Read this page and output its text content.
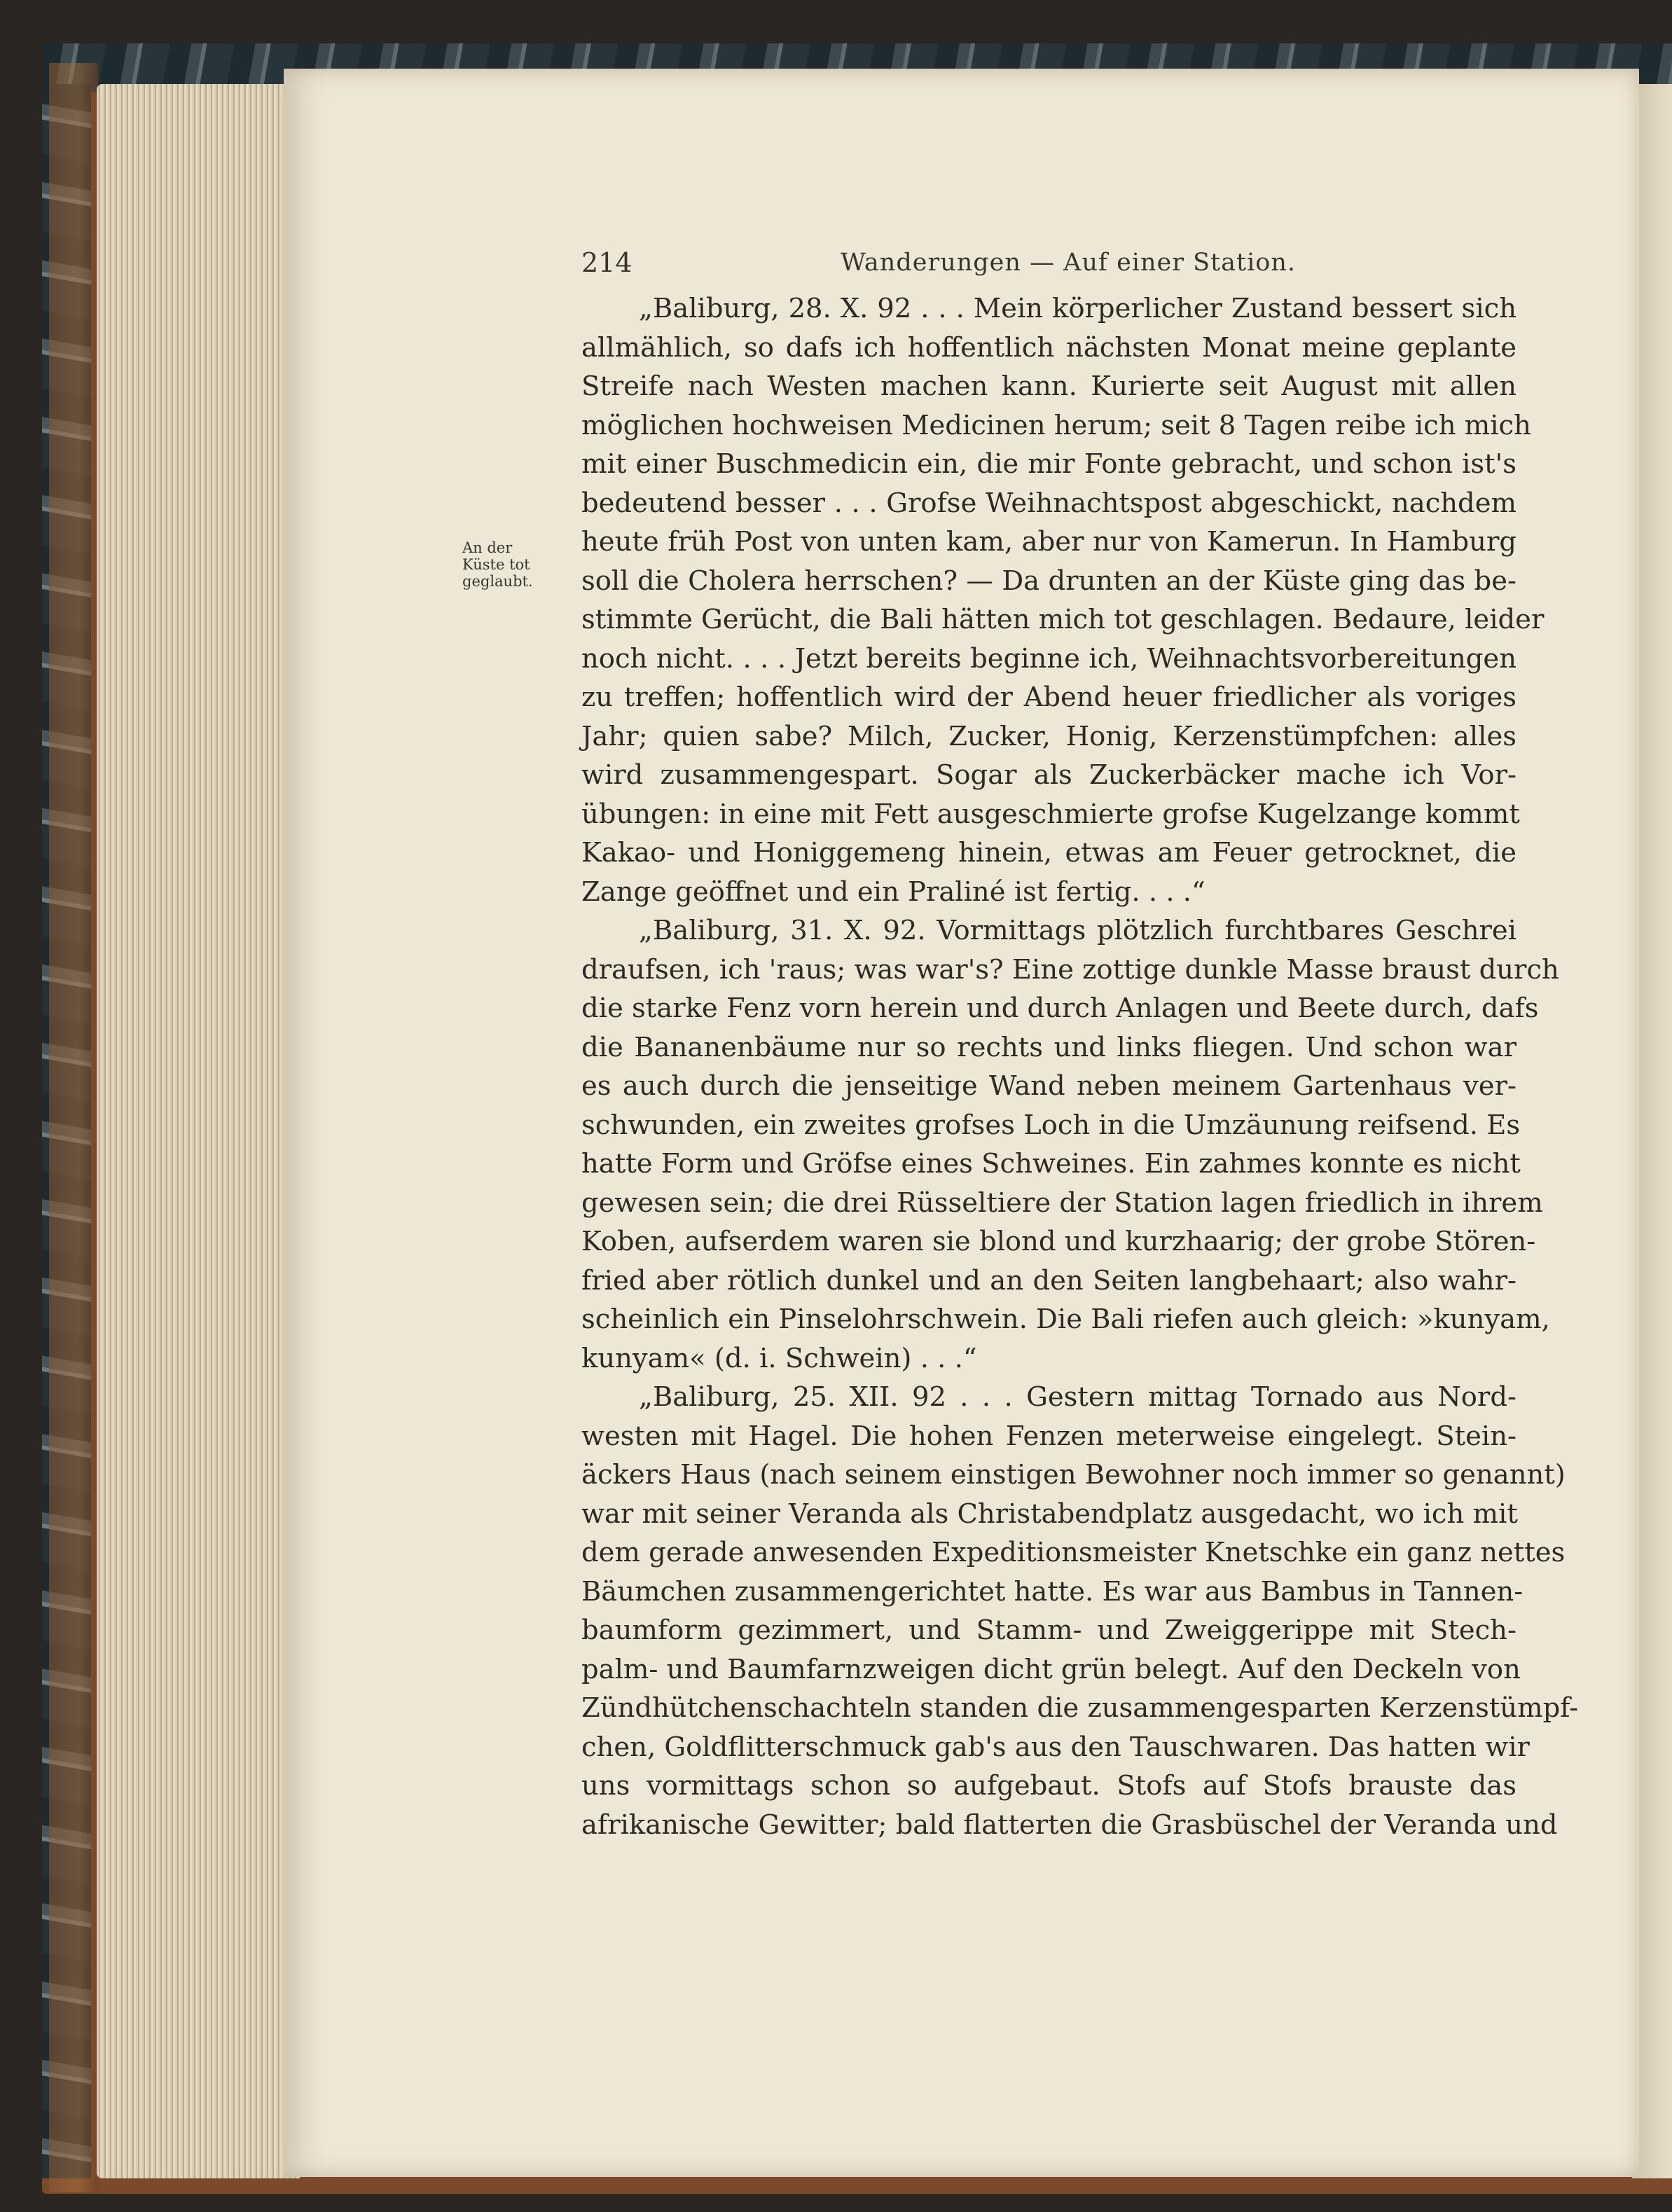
214	Wanderungen — Auf einer Station.
An der
Küste tot
geglaubt.
„Baliburg, 28. X. 92 . . . Mein körperlicher Zustand bessert sich
allmählich, so dafs ich hoffentlich nächsten Monat meine geplante
Streife nach Westen machen kann. Kurierte seit August mit allen
möglichen hochweisen Medicinen herum; seit 8 Tagen reibe ich mich
mit einer Buschmedicin ein, die mir Fonte gebracht, und schon ist's
bedeutend besser . . . Grofse Weihnachtspost abgeschickt, nachdem
heute früh Post von unten kam, aber nur von Kamerun. In Hamburg
soll die Cholera herrschen? — Da drunten an der Küste ging das be-
stimmte Gerücht, die Bali hätten mich tot geschlagen. Bedaure, leider
noch nicht. . . . Jetzt bereits beginne ich, Weihnachtsvorbereitungen
zu treffen; hoffentlich wird der Abend heuer friedlicher als voriges
Jahr; quien sabe? Milch, Zucker, Honig, Kerzenstümpfchen: alles
wird zusammengespart. Sogar als Zuckerbäcker mache ich Vor-
übungen: in eine mit Fett ausgeschmierte grofse Kugelzange kommt
Kakao- und Honiggemeng hinein, etwas am Feuer getrocknet, die
Zange geöffnet und ein Praliné ist fertig. . . .“
„Baliburg, 31. X. 92. Vormittags plötzlich furchtbares Geschrei
draufsen, ich 'raus; was war's? Eine zottige dunkle Masse braust durch
die starke Fenz vorn herein und durch Anlagen und Beete durch, dafs
die Bananenbäume nur so rechts und links fliegen. Und schon war
es auch durch die jenseitige Wand neben meinem Gartenhaus ver-
schwunden, ein zweites grofses Loch in die Umzäunung reifsend. Es
hatte Form und Gröfse eines Schweines. Ein zahmes konnte es nicht
gewesen sein; die drei Rüsseltiere der Station lagen friedlich in ihrem
Koben, aufserdem waren sie blond und kurzhaarig; der grobe Stören-
fried aber rötlich dunkel und an den Seiten langbehaart; also wahr-
scheinlich ein Pinselohrschwein. Die Bali riefen auch gleich: »kunyam,
kunyam« (d. i. Schwein) . . .“
„Baliburg, 25. XII. 92 . . . Gestern mittag Tornado aus Nord-
westen mit Hagel. Die hohen Fenzen meterweise eingelegt. Stein-
äckers Haus (nach seinem einstigen Bewohner noch immer so genannt)
war mit seiner Veranda als Christabendplatz ausgedacht, wo ich mit
dem gerade anwesenden Expeditionsmeister Knetschke ein ganz nettes
Bäumchen zusammengerichtet hatte. Es war aus Bambus in Tannen-
baumform gezimmert, und Stamm- und Zweiggerippe mit Stech-
palm- und Baumfarnzweigen dicht grün belegt. Auf den Deckeln von
Zündhütchenschachteln standen die zusammengesparten Kerzenstümpf-
chen, Goldflitterschmuck gab's aus den Tauschwaren. Das hatten wir
uns vormittags schon so aufgebaut. Stofs auf Stofs brauste das
afrikanische Gewitter; bald flatterten die Grasbüschel der Veranda und
